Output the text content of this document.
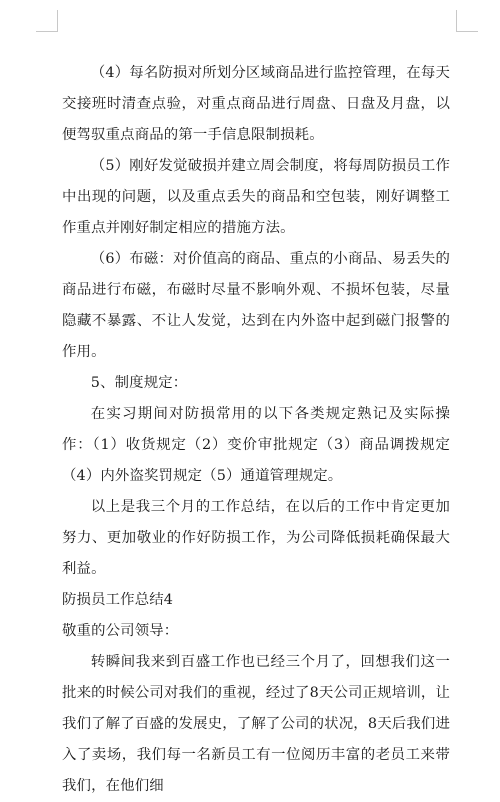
（4）每名防损对所划分区域商品进行监控管理，在每天交接班时清查点验，对重点商品进行周盘、日盘及月盘，以便驾驭重点商品的第一手信息限制损耗。

（5）刚好发觉破损并建立周会制度，将每周防损员工作中出现的问题，以及重点丢失的商品和空包装，刚好调整工作重点并刚好制定相应的措施方法。

（6）布磁：对价值高的商品、重点的小商品、易丢失的商品进行布磁，布磁时尽量不影响外观、不损坏包装，尽量隐藏不暴露、不让人发觉，达到在内外盗中起到磁门报警的作用。

5、制度规定：

在实习期间对防损常用的以下各类规定熟记及实际操作：（1）收货规定（2）变价审批规定（3）商品调拨规定（4）内外盗奖罚规定（5）通道管理规定。

以上是我三个月的工作总结，在以后的工作中肯定更加努力、更加敬业的作好防损工作，为公司降低损耗确保最大利益。

防损员工作总结4

敬重的公司领导：

转瞬间我来到百盛工作也已经三个月了，回想我们这一批来的时候公司对我们的重视，经过了8天公司正规培训，让我们了解了百盛的发展史，了解了公司的状况，8天后我们进入了卖场，我们每一名新员工有一位阅历丰富的老员工来带我们，在他们细
